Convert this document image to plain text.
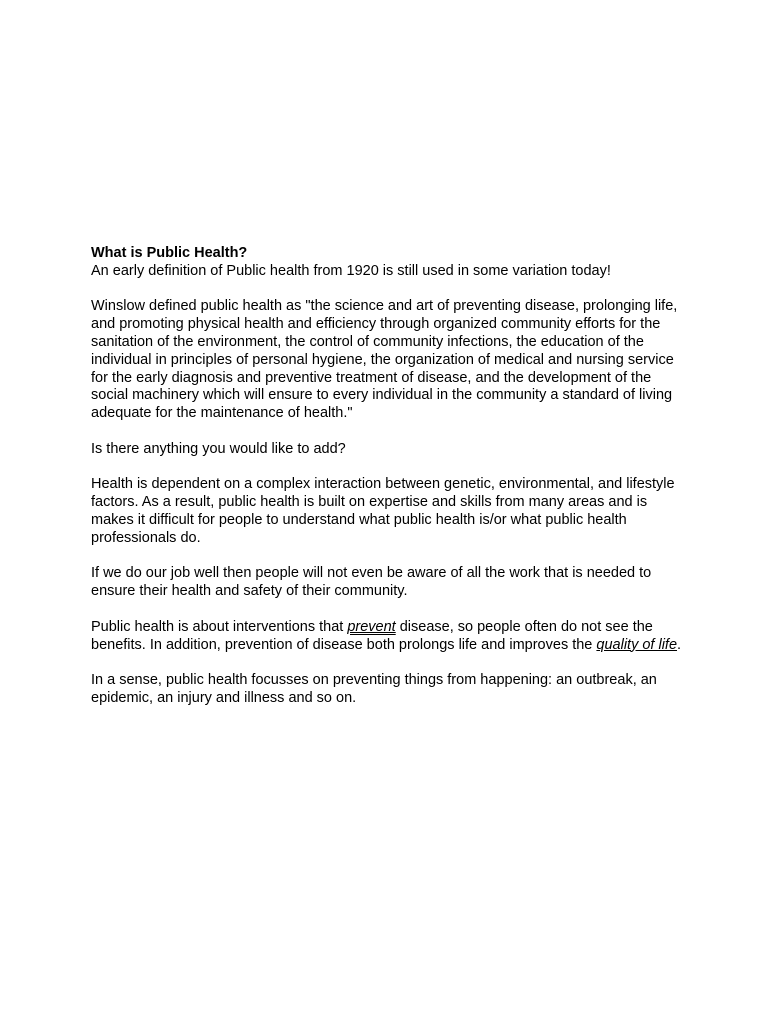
What is Public Health?

An early definition of Public health from 1920 is still used in some variation today!

Winslow defined public health as "the science and art of preventing disease, prolonging life, and promoting physical health and efficiency through organized community efforts for the sanitation of the environment, the control of community infections, the education of the individual in principles of personal hygiene, the organization of medical and nursing service for the early diagnosis and preventive treatment of disease, and the development of the social machinery which will ensure to every individual in the community a standard of living adequate for the maintenance of health."

Is there anything you would like to add?

Health is dependent on a complex interaction between genetic, environmental, and lifestyle factors. As a result, public health is built on expertise and skills from many areas and is makes it difficult for people to understand what public health is/or what public health professionals do.

If we do our job well then people will not even be aware of all the work that is needed to ensure their health and safety of their community.

Public health is about interventions that prevent disease, so people often do not see the benefits. In addition, prevention of disease both prolongs life and improves the quality of life.

In a sense, public health focusses on preventing things from happening: an outbreak, an epidemic, an injury and illness and so on.
